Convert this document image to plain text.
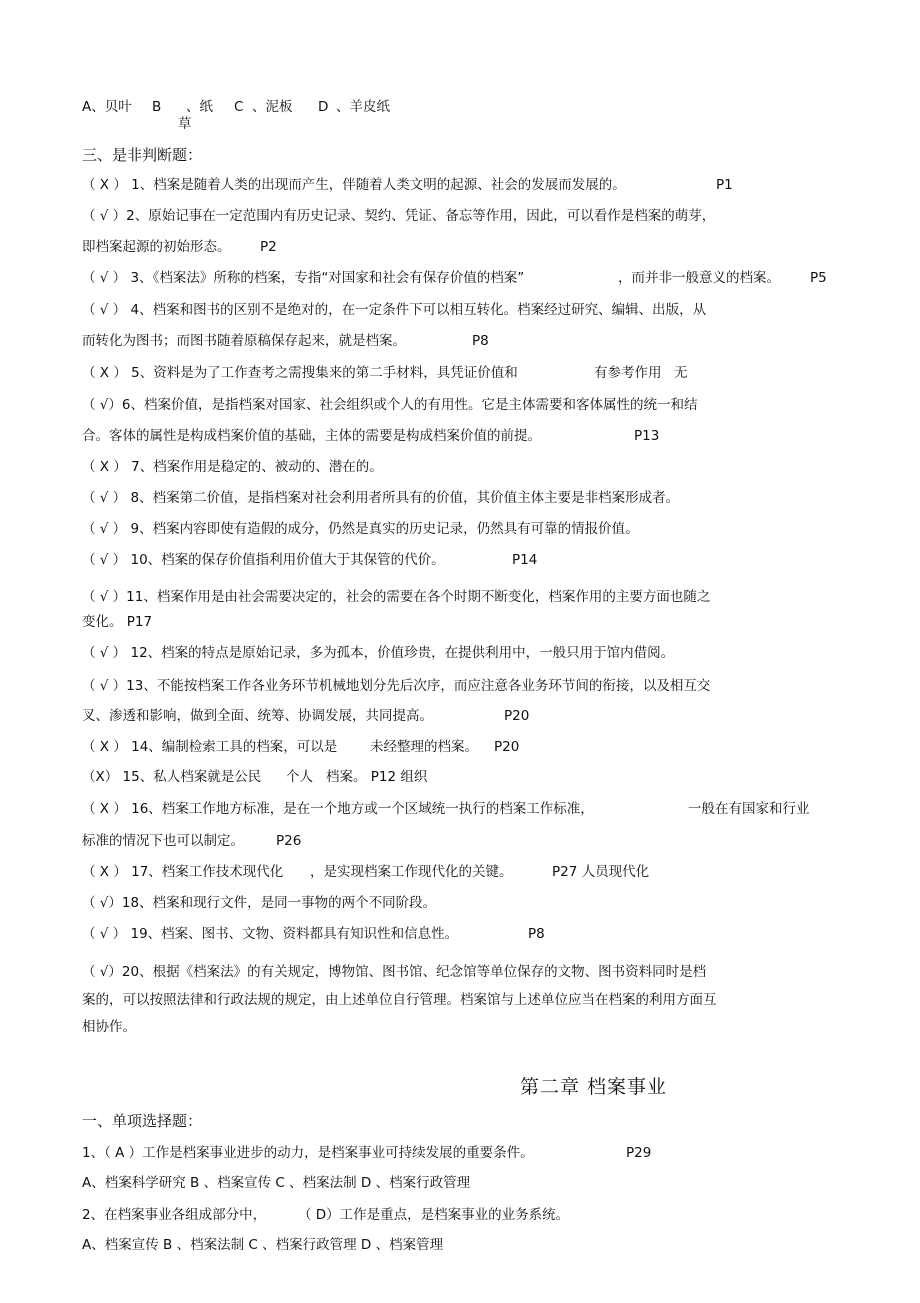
A、贝叶 B 、纸 C 、泥板 D 、羊皮纸

草

三、是非判断题：

（ X ） 1、档案是随着人类的出现而产生，伴随着人类文明的起源、社会的发展而发展的。	P1

（ √ ）2、原始记事在一定范围内有历史记录、契约、凭证、备忘等作用，因此，可以看作是档案的萌芽，

即档案起源的初始形态。 P2

（ √ ） 3、《档案法》所称的档案，专指“对国家和社会有保存价值的档案”	，而并非一般意义的档案。 P5

（ √ ） 4、档案和图书的区别不是绝对的，在一定条件下可以相互转化。档案经过研究、编辑、出版，从

而转化为图书；而图书随着原稿保存起来，就是档案。	P8

（ X ） 5、资料是为了工作查考之需搜集来的第二手材料，具凭证价值和	有参考作用 无

（ √）6、档案价值，是指档案对国家、社会组织或个人的有用性。它是主体需要和客体属性的统一和结

合。客体的属性是构成档案价值的基础，主体的需要是构成档案价值的前提。	P13

（ X ） 7、档案作用是稳定的、被动的、潜在的。

（ √ ） 8、档案第二价值，是指档案对社会利用者所具有的价值，其价值主体主要是非档案形成者。

（ √ ） 9、档案内容即使有造假的成分，仍然是真实的历史记录，仍然具有可靠的情报价值。

（ √ ） 10、档案的保存价值指利用价值大于其保管的代价。	P14

（ √ ）11、档案作用是由社会需要决定的，社会的需要在各个时期不断变化，档案作用的主要方面也随之

变化。 P17

（ √ ） 12、档案的特点是原始记录，多为孤本，价值珍贵，在提供利用中，一般只用于馆内借阅。

（ √ ）13、不能按档案工作各业务环节机械地划分先后次序，而应注意各业务环节间的衔接，以及相互交

叉、渗透和影响，做到全面、统筹、协调发展，共同提高。	P20

（ X ） 14、编制检索工具的档案，可以是 未经整理的档案。 P20

（X） 15、私人档案就是公民 个人 档案。 P12 组织

（ X ） 16、档案工作地方标准，是在一个地方或一个区域统一执行的档案工作标准，	一般在有国家和行业

标准的情况下也可以制定。 P26

（ X ） 17、档案工作技术现代化 ，是实现档案工作现代化的关键。	P27 人员现代化

（ √）18、档案和现行文件，是同一事物的两个不同阶段。

（ √ ） 19、档案、图书、文物、资料都具有知识性和信息性。	P8

（ √）20、根据《档案法》的有关规定，博物馆、图书馆、纪念馆等单位保存的文物、图书资料同时是档

案的，可以按照法律和行政法规的规定，由上述单位自行管理。档案馆与上述单位应当在档案的利用方面互

相协作。

第二章 档案事业

一、单项选择题：

1、（ A ）工作是档案事业进步的动力，是档案事业可持续发展的重要条件。	P29

A、档案科学研究 B 、档案宣传 C 、档案法制 D 、档案行政管理

2、在档案事业各组成部分中， （ D）工作是重点，是档案事业的业务系统。

A、档案宣传 B 、档案法制 C 、档案行政管理 D 、档案管理
